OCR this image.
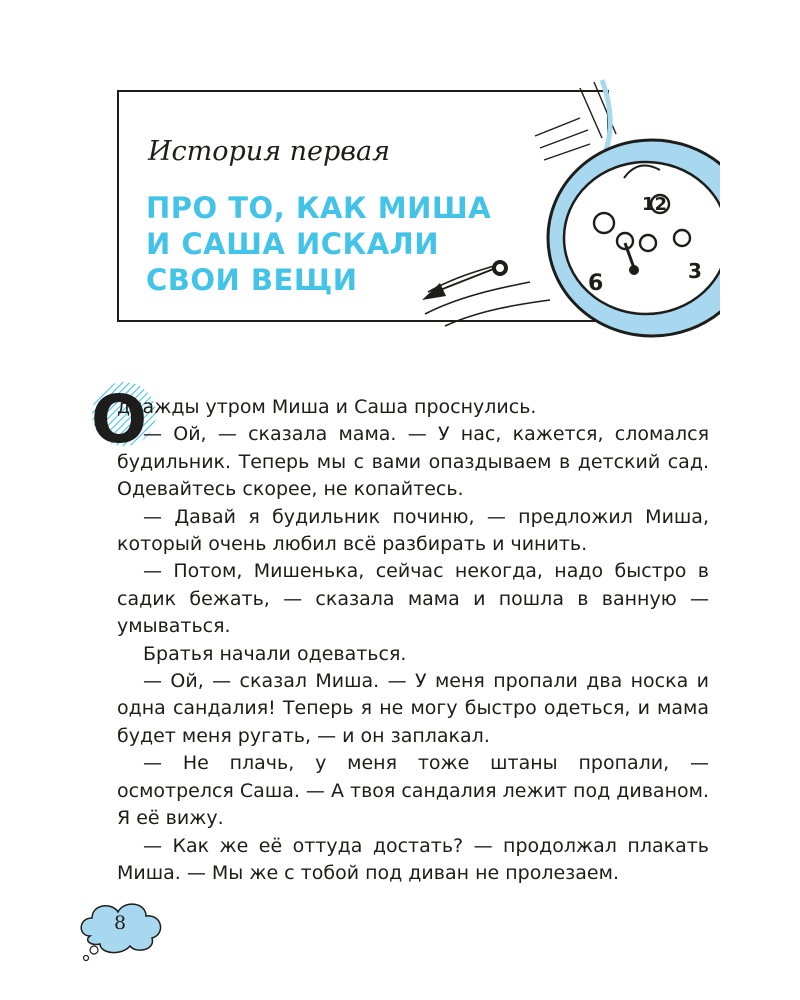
История первая
ПРО ТО, КАК МИША
И САША ИСКАЛИ
СВОИ ВЕЩИ
12
6	3
О

днажды утром Миша и Саша проснулись.

— Ой, — сказала мама. — У нас, кажется, сломался будильник. Теперь мы с вами опаздываем в детский сад. Одевайтесь скорее, не копайтесь.

— Давай я будильник починю, — предложил Миша, который очень любил всё разбирать и чинить.

— Потом, Мишенька, сейчас некогда, надо быстро в садик бежать, — сказала мама и пошла в ванную — умываться.

Братья начали одеваться.

— Ой, — сказал Миша. — У меня пропали два носка и одна сандалия! Теперь я не могу быстро одеться, и мама будет меня ругать, — и он заплакал.

— Не плачь, у меня тоже штаны пропали, — осмотрелся Саша. — А твоя сандалия лежит под диваном. Я её вижу.

— Как же её оттуда достать? — продолжал плакать Миша. — Мы же с тобой под диван не пролезаем.

8
